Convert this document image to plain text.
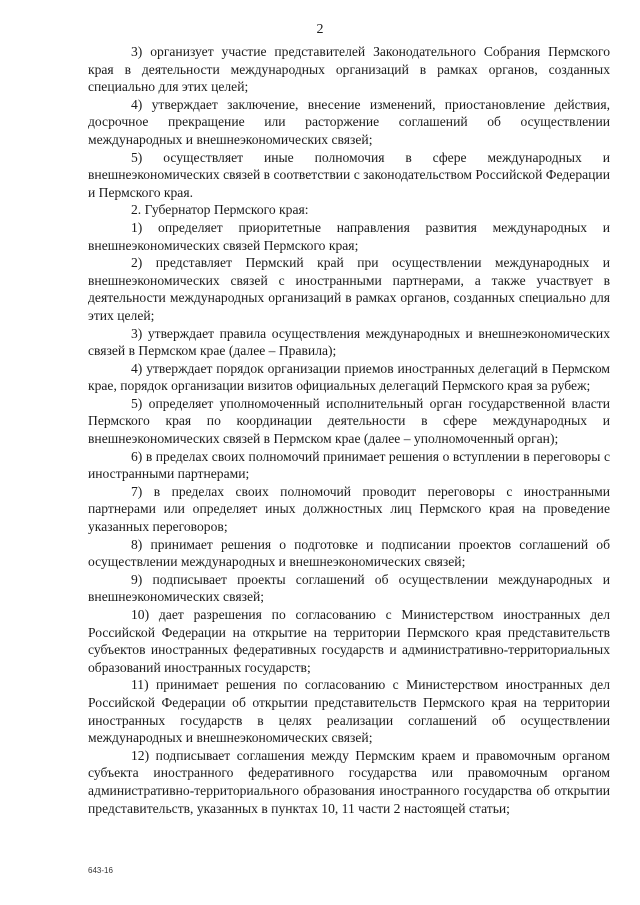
2

3) организует участие представителей Законодательного Собрания Пермского края в деятельности международных организаций в рамках органов, созданных специально для этих целей;

4) утверждает заключение, внесение изменений, приостановление действия, досрочное прекращение или расторжение соглашений об осуществлении международных и внешнеэкономических связей;

5) осуществляет иные полномочия в сфере международных и внешнеэкономических связей в соответствии с законодательством Российской Федерации и Пермского края.

2. Губернатор Пермского края:

1) определяет приоритетные направления развития международных и внешнеэкономических связей Пермского края;

2) представляет Пермский край при осуществлении международных и внешнеэкономических связей с иностранными партнерами, а также участвует в деятельности международных организаций в рамках органов, созданных специально для этих целей;

3) утверждает правила осуществления международных и внешнеэкономических связей в Пермском крае (далее – Правила);

4) утверждает порядок организации приемов иностранных делегаций в Пермском крае, порядок организации визитов официальных делегаций Пермского края за рубеж;

5) определяет уполномоченный исполнительный орган государственной власти Пермского края по координации деятельности в сфере международных и внешнеэкономических связей в Пермском крае (далее – уполномоченный орган);

6) в пределах своих полномочий принимает решения о вступлении в переговоры с иностранными партнерами;

7) в пределах своих полномочий проводит переговоры с иностранными партнерами или определяет иных должностных лиц Пермского края на проведение указанных переговоров;

8) принимает решения о подготовке и подписании проектов соглашений об осуществлении международных и внешнеэкономических связей;

9) подписывает проекты соглашений об осуществлении международных и внешнеэкономических связей;

10) дает разрешения по согласованию с Министерством иностранных дел Российской Федерации на открытие на территории Пермского края представительств субъектов иностранных федеративных государств и административно-территориальных образований иностранных государств;

11) принимает решения по согласованию с Министерством иностранных дел Российской Федерации об открытии представительств Пермского края на территории иностранных государств в целях реализации соглашений об осуществлении международных и внешнеэкономических связей;

12) подписывает соглашения между Пермским краем и правомочным органом субъекта иностранного федеративного государства или правомочным органом административно-территориального образования иностранного государства об открытии представительств, указанных в пунктах 10, 11 части 2 настоящей статьи;

643-16
